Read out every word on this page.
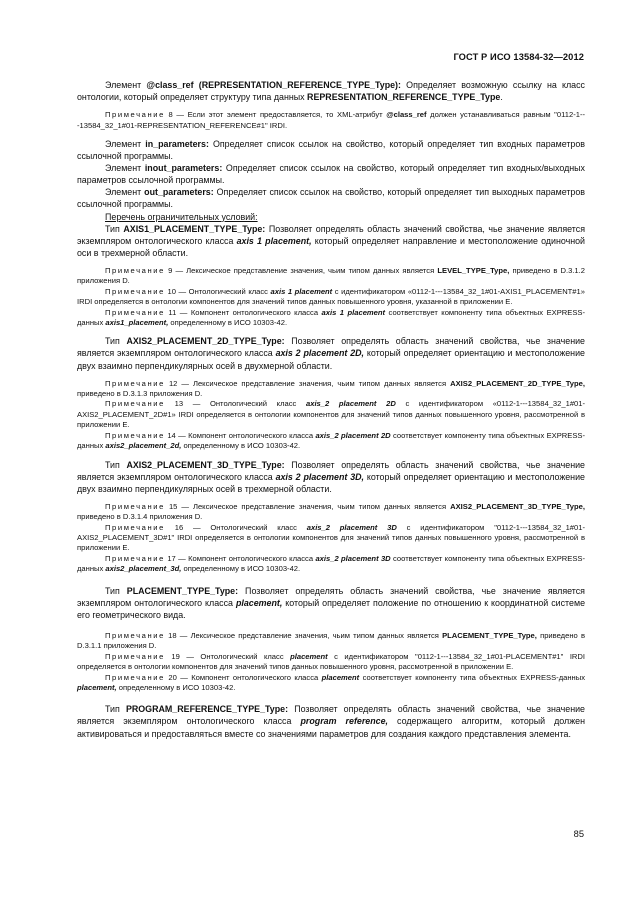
ГОСТ Р ИСО 13584-32—2012

Элемент @class_ref (REPRESENTATION_REFERENCE_TYPE_Type): Определяет возможную ссылку на класс онтологии, который определяет структуру типа данных REPRESENTATION_REFERENCE_TYPE_Type.

Примечание 8 — Если этот элемент предоставляется, то XML-атрибут @class_ref должен устанавливаться равным "0112-1---13584_32_1#01-REPRESENTATION_REFERENCE#1" IRDI.

Элемент in_parameters: Определяет список ссылок на свойство, который определяет тип входных параметров ссылочной программы.

Элемент inout_parameters: Определяет список ссылок на свойство, который определяет тип входных/выходных параметров ссылочной программы.

Элемент out_parameters: Определяет список ссылок на свойство, который определяет тип выходных параметров ссылочной программы.

Перечень ограничительных условий:

Тип AXIS1_PLACEMENT_TYPE_Type: Позволяет определять область значений свойства, чье значение является экземпляром онтологического класса axis 1 placement, который определяет направление и местоположение одиночной оси в трехмерной области.

Примечание 9 — Лексическое представление значения, чьим типом данных является LEVEL_TYPE_Type, приведено в D.3.1.2 приложения D.

Примечание 10 — Онтологический класс axis 1 placement с идентификатором «0112-1---13584_32_1#01-AXIS1_PLACEMENT#1» IRDI определяется в онтологии компонентов для значений типов данных повышенного уровня, указанной в приложении E.

Примечание 11 — Компонент онтологического класса axis 1 placement соответствует компоненту типа объектных EXPRESS-данных axis1_placement, определенному в ИСО 10303-42.

Тип AXIS2_PLACEMENT_2D_TYPE_Type: Позволяет определять область значений свойства, чье значение является экземпляром онтологического класса axis 2 placement 2D, который определяет ориентацию и местоположение двух взаимно перпендикулярных осей в двухмерной области.

Примечание 12 — Лексическое представление значения, чьим типом данных является AXIS2_PLACEMENT_2D_TYPE_Type, приведено в D.3.1.3 приложения D.

Примечание 13 — Онтологический класс axis_2 placement 2D с идентификатором «0112-1---13584_32_1#01-AXIS2_PLACEMENT_2D#1» IRDI определяется в онтологии компонентов для значений типов данных повышенного уровня, рассмотренной в приложении E.

Примечание 14 — Компонент онтологического класса axis_2 placement 2D соответствует компоненту типа объектных EXPRESS-данных axis2_placement_2d, определенному в ИСО 10303-42.

Тип AXIS2_PLACEMENT_3D_TYPE_Type: Позволяет определять область значений свойства, чье значение является экземпляром онтологического класса axis 2 placement 3D, который определяет ориентацию и местоположение двух взаимно перпендикулярных осей в трехмерной области.

Примечание 15 — Лексическое представление значения, чьим типом данных является AXIS2_PLACEMENT_3D_TYPE_Type, приведено в D.3.1.4 приложения D.

Примечание 16 — Онтологический класс axis_2 placement 3D с идентификатором "0112-1---13584_32_1#01-AXIS2_PLACEMENT_3D#1" IRDI определяется в онтологии компонентов для значений типов данных повышенного уровня, рассмотренной в приложении E.

Примечание 17 — Компонент онтологического класса axis_2 placement 3D соответствует компоненту типа объектных EXPRESS-данных axis2_placement_3d, определенному в ИСО 10303-42.

Тип PLACEMENT_TYPE_Type: Позволяет определять область значений свойства, чье значение является экземпляром онтологического класса placement, который определяет положение по отношению к координатной системе его геометрического вида.

Примечание 18 — Лексическое представление значения, чьим типом данных является PLACEMENT_TYPE_Type, приведено в D.3.1.1 приложения D.

Примечание 19 — Онтологический класс placement с идентификатором "0112-1---13584_32_1#01-PLACEMENT#1" IRDI определяется в онтологии компонентов для значений типов данных повышенного уровня, рассмотренной в приложении E.

Примечание 20 — Компонент онтологического класса placement соответствует компоненту типа объектных EXPRESS-данных placement, определенному в ИСО 10303-42.

Тип PROGRAM_REFERENCE_TYPE_Type: Позволяет определять область значений свойства, чье значение является экземпляром онтологического класса program reference, содержащего алгоритм, который должен активироваться и предоставляться вместе со значениями параметров для создания каждого представления элемента.

85
